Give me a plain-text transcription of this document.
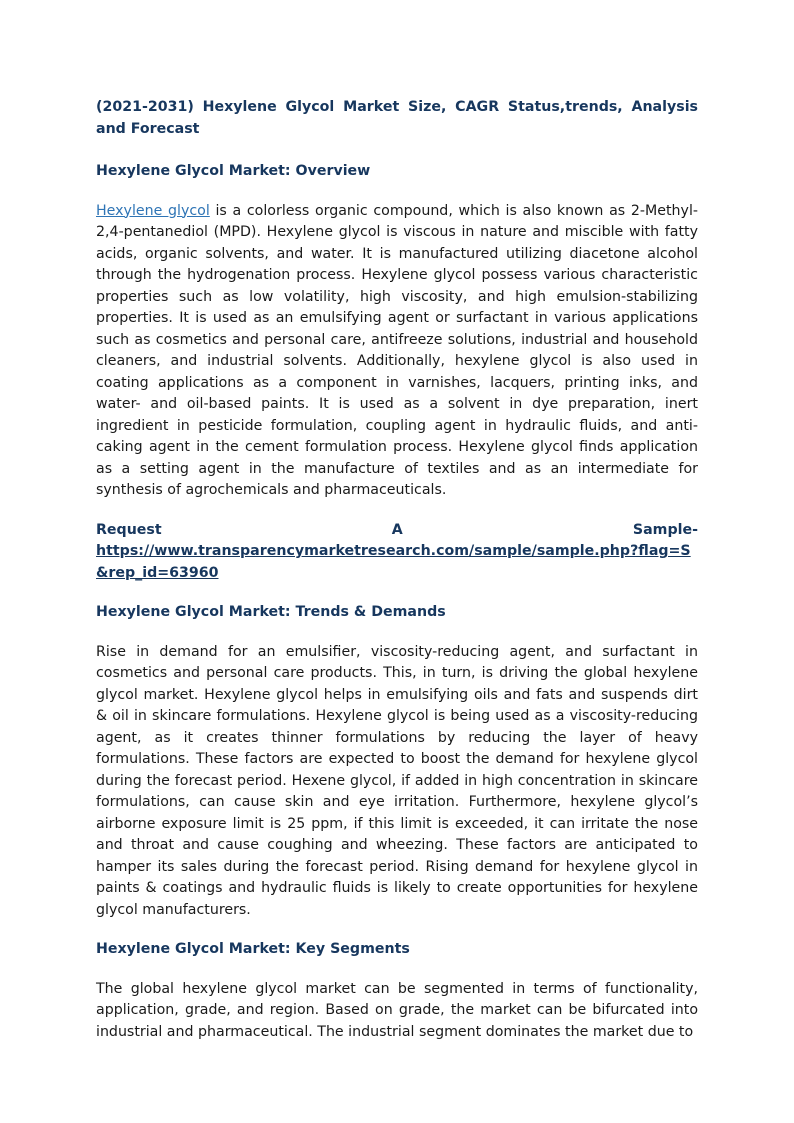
(2021-2031) Hexylene Glycol Market Size, CAGR Status,trends, Analysis and Forecast
Hexylene Glycol Market: Overview
Hexylene glycol is a colorless organic compound, which is also known as 2-Methyl-2,4-pentanediol (MPD). Hexylene glycol is viscous in nature and miscible with fatty acids, organic solvents, and water. It is manufactured utilizing diacetone alcohol through the hydrogenation process. Hexylene glycol possess various characteristic properties such as low volatility, high viscosity, and high emulsion-stabilizing properties. It is used as an emulsifying agent or surfactant in various applications such as cosmetics and personal care, antifreeze solutions, industrial and household cleaners, and industrial solvents. Additionally, hexylene glycol is also used in coating applications as a component in varnishes, lacquers, printing inks, and water- and oil-based paints. It is used as a solvent in dye preparation, inert ingredient in pesticide formulation, coupling agent in hydraulic fluids, and anti-caking agent in the cement formulation process. Hexylene glycol finds application as a setting agent in the manufacture of textiles and as an intermediate for synthesis of agrochemicals and pharmaceuticals.
Request	A	Sample-
https://www.transparencymarketresearch.com/sample/sample.php?flag=S&rep_id=63960
Hexylene Glycol Market: Trends & Demands
Rise in demand for an emulsifier, viscosity-reducing agent, and surfactant in cosmetics and personal care products. This, in turn, is driving the global hexylene glycol market. Hexylene glycol helps in emulsifying oils and fats and suspends dirt & oil in skincare formulations. Hexylene glycol is being used as a viscosity-reducing agent, as it creates thinner formulations by reducing the layer of heavy formulations. These factors are expected to boost the demand for hexylene glycol during the forecast period. Hexene glycol, if added in high concentration in skincare formulations, can cause skin and eye irritation. Furthermore, hexylene glycol’s airborne exposure limit is 25 ppm, if this limit is exceeded, it can irritate the nose and throat and cause coughing and wheezing. These factors are anticipated to hamper its sales during the forecast period. Rising demand for hexylene glycol in paints & coatings and hydraulic fluids is likely to create opportunities for hexylene glycol manufacturers.
Hexylene Glycol Market: Key Segments
The global hexylene glycol market can be segmented in terms of functionality, application, grade, and region. Based on grade, the market can be bifurcated into industrial and pharmaceutical. The industrial segment dominates the market due to
